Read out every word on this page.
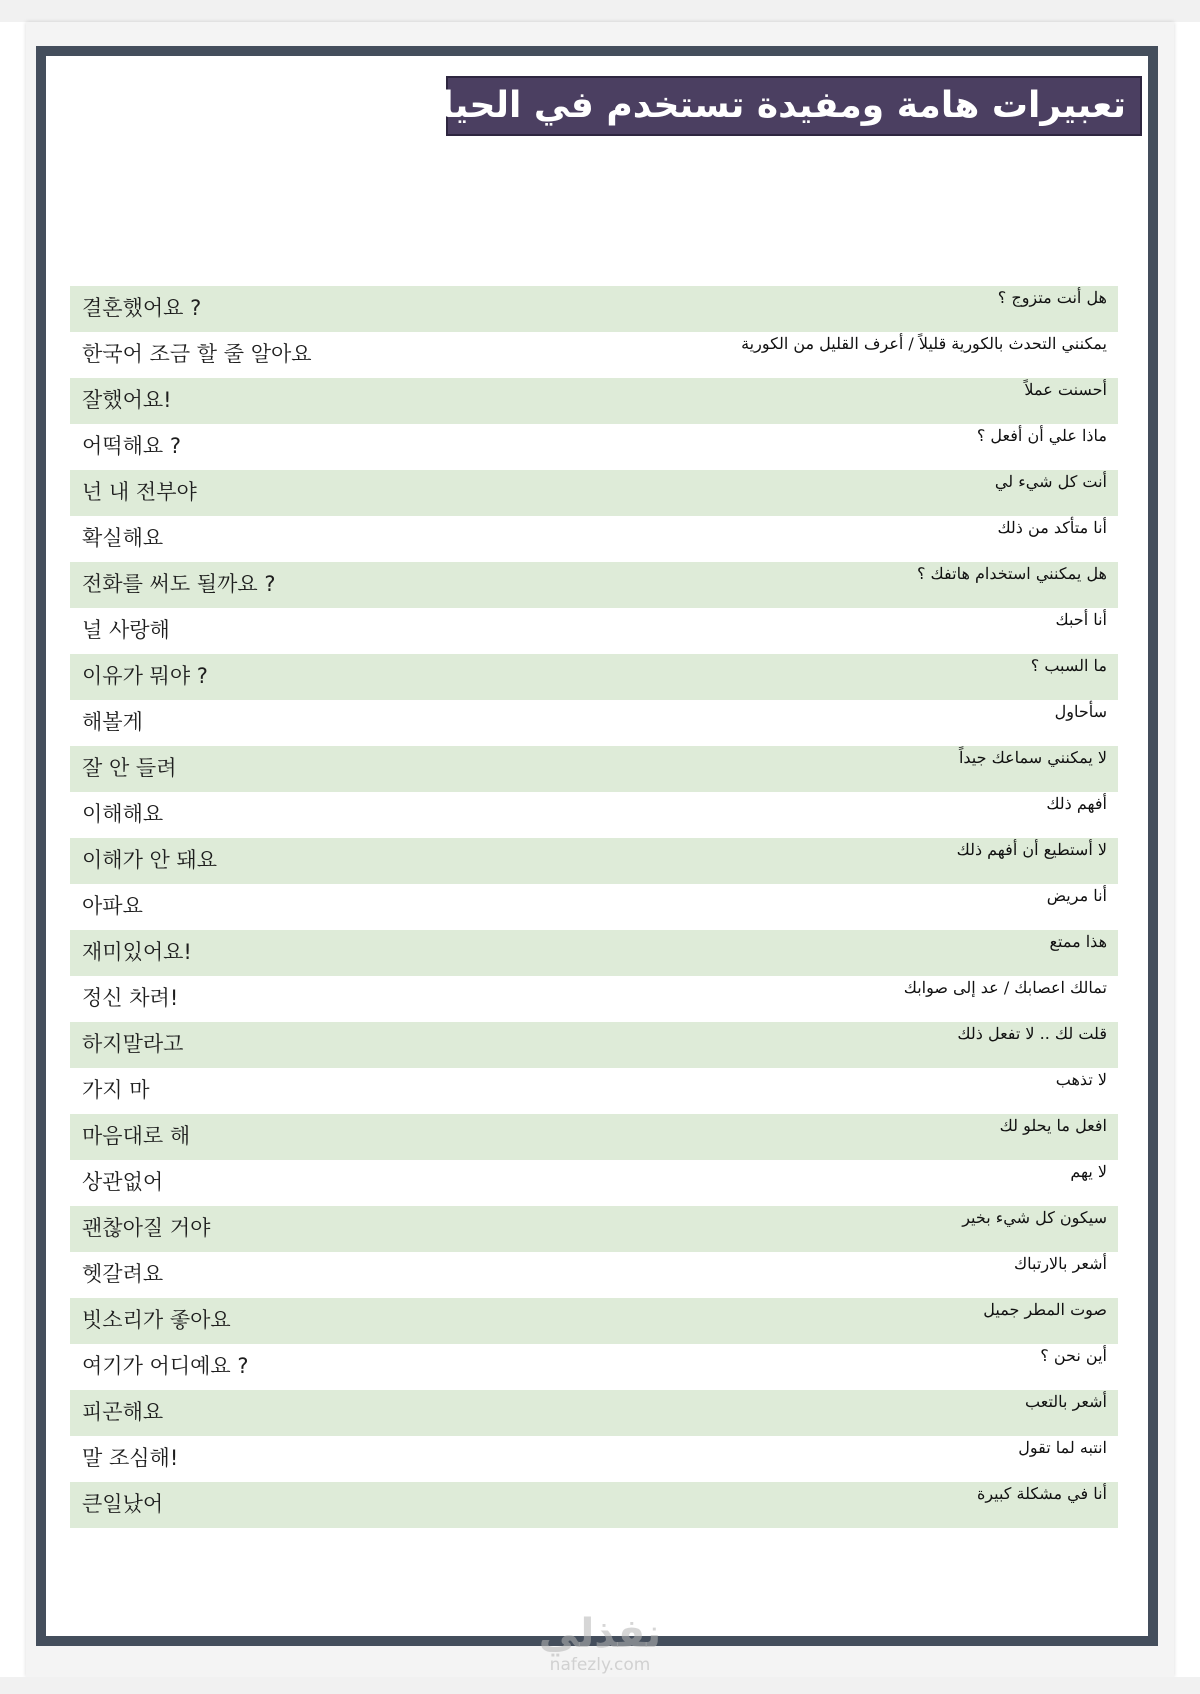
تعبيرات هامة ومفيدة تستخدم في الحياة اليومية
결혼했어요 ?	هل أنت متزوج ؟
한국어 조금 할 줄 알아요	يمكنني التحدث بالكورية قليلاً / أعرف القليل من الكورية
잘했어요!	أحسنت عملاً
어떡해요 ?	ماذا علي أن أفعل ؟
넌 내 전부야	أنت كل شيء لي
확실해요	أنا متأكد من ذلك
전화를 써도 될까요 ?	هل يمكنني استخدام هاتفك ؟
널 사랑해	أنا أحبك
이유가 뭐야 ?	ما السبب ؟
해볼게	سأحاول
잘 안 들려	لا يمكنني سماعك جيداً
이해해요	أفهم ذلك
이해가 안 돼요	لا أستطيع أن أفهم ذلك
아파요	أنا مريض
재미있어요!	هذا ممتع
정신 차려!	تمالك اعصابك / عد إلى صوابك
하지말라고	قلت لك .. لا تفعل ذلك
가지 마	لا تذهب
마음대로 해	افعل ما يحلو لك
상관없어	لا يهم
괜찮아질 거야	سيكون كل شيء بخير
헷갈려요	أشعر بالارتباك
빗소리가 좋아요	صوت المطر جميل
여기가 어디예요 ?	أين نحن ؟
피곤해요	أشعر بالتعب
말 조심해!	انتبه لما تقول
큰일났어	أنا في مشكلة كبيرة
نفذلي
nafezly.com
